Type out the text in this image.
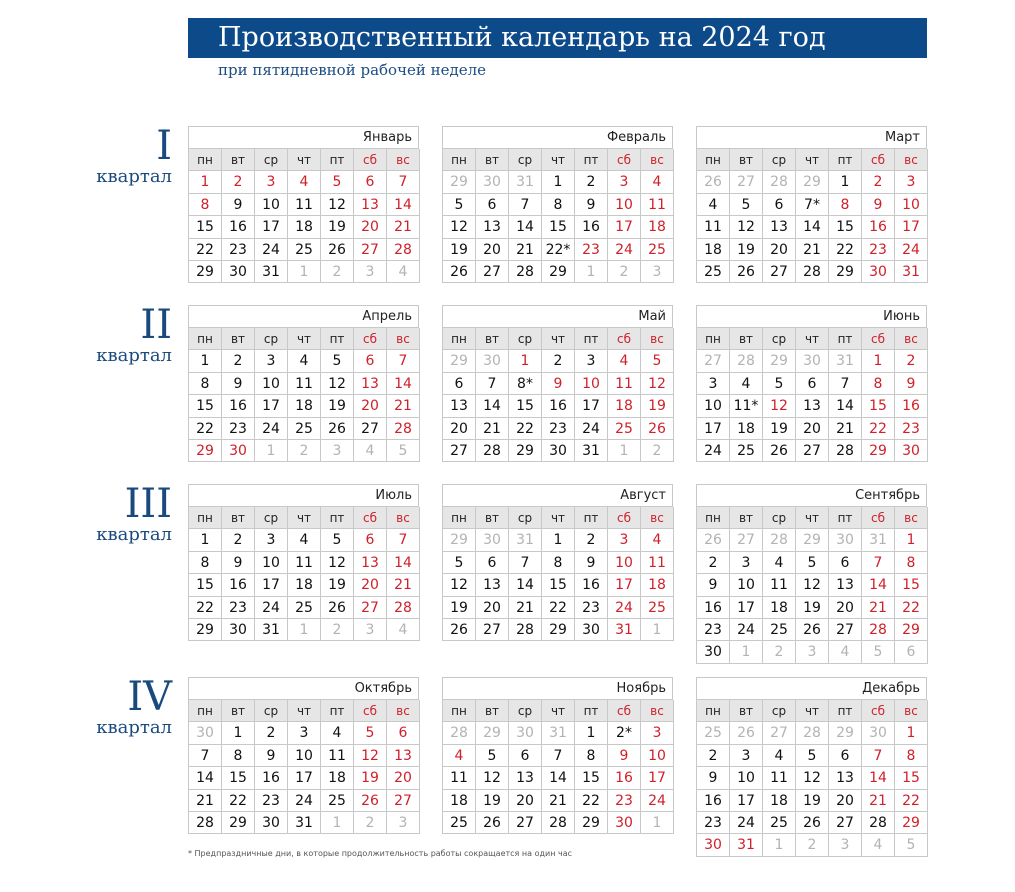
Производственный календарь на 2024 год
при пятидневной рабочей неделе
I
квартал
II
квартал
III
квартал
IV
квартал
Январь
пн	вт	ср	чт	пт	сб	вс
1	2	3	4	5	6	7
8	9	10	11	12	13	14
15	16	17	18	19	20	21
22	23	24	25	26	27	28
29	30	31	1	2	3	4
Февраль
пн	вт	ср	чт	пт	сб	вс
29	30	31	1	2	3	4
5	6	7	8	9	10	11
12	13	14	15	16	17	18
19	20	21 22* 23	24	25
26	27	28	29	1	2	3
Март
пн	вт	ср	чт	пт	сб	вс
26	27	28	29	1	2	3
4	5	6	7*	8	9	10
11	12	13	14	15	16	17
18	19	20	21	22	23	24
25	26	27	28	29	30	31
Апрель
пн	вт	ср	чт	пт	сб	вс
1	2	3	4	5	6	7
8	9	10	11	12	13	14
15	16	17	18	19	20	21
22	23	24	25	26	27	28
29	30	1	2	3	4	5
Май
пн	вт	ср	чт	пт	сб	вс
29	30	1	2	3	4	5
6	7	8*	9	10	11	12
13	14	15	16	17	18	19
20	21	22	23	24	25	26
27	28	29	30	31	1	2
Июнь
пн	вт	ср	чт	пт	сб	вс
27	28	29	30	31	1	2
3	4	5	6	7	8	9
10 11* 12	13	14	15	16
17	18	19	20	21	22	23
24	25	26	27	28	29	30
Июль
пн	вт	ср	чт	пт	сб	вс
1	2	3	4	5	6	7
8	9	10	11	12	13	14
15	16	17	18	19	20	21
22	23	24	25	26	27	28
29	30	31	1	2	3	4
Август
пн	вт	ср	чт	пт	сб	вс
29	30	31	1	2	3	4
5	6	7	8	9	10	11
12	13	14	15	16	17	18
19	20	21	22	23	24	25
26	27	28	29	30	31	1
Сентябрь
пн	вт	ср	чт	пт	сб	вс
26	27	28	29	30	31	1
2	3	4	5	6	7	8
9	10	11	12	13	14	15
16	17	18	19	20	21	22
23	24	25	26	27	28	29
30	1	2	3	4	5	6
Октябрь
пн	вт	ср	чт	пт	сб	вс
30	1	2	3	4	5	6
7	8	9	10	11	12	13
14	15	16	17	18	19	20
21	22	23	24	25	26	27
28	29	30	31	1	2	3
Ноябрь
пн	вт	ср	чт	пт	сб	вс
28	29	30	31	1	2*	3
4	5	6	7	8	9	10
11	12	13	14	15	16	17
18	19	20	21	22	23	24
25	26	27	28	29	30	1
Декабрь
пн	вт	ср	чт	пт	сб	вс
25	26	27	28	29	30	1
2	3	4	5	6	7	8
9	10	11	12	13	14	15
16	17	18	19	20	21	22
23	24	25	26	27	28	29
30	31	1	2	3	4	5
* Предпраздничные дни, в которые продолжительность работы сокращается на один час
